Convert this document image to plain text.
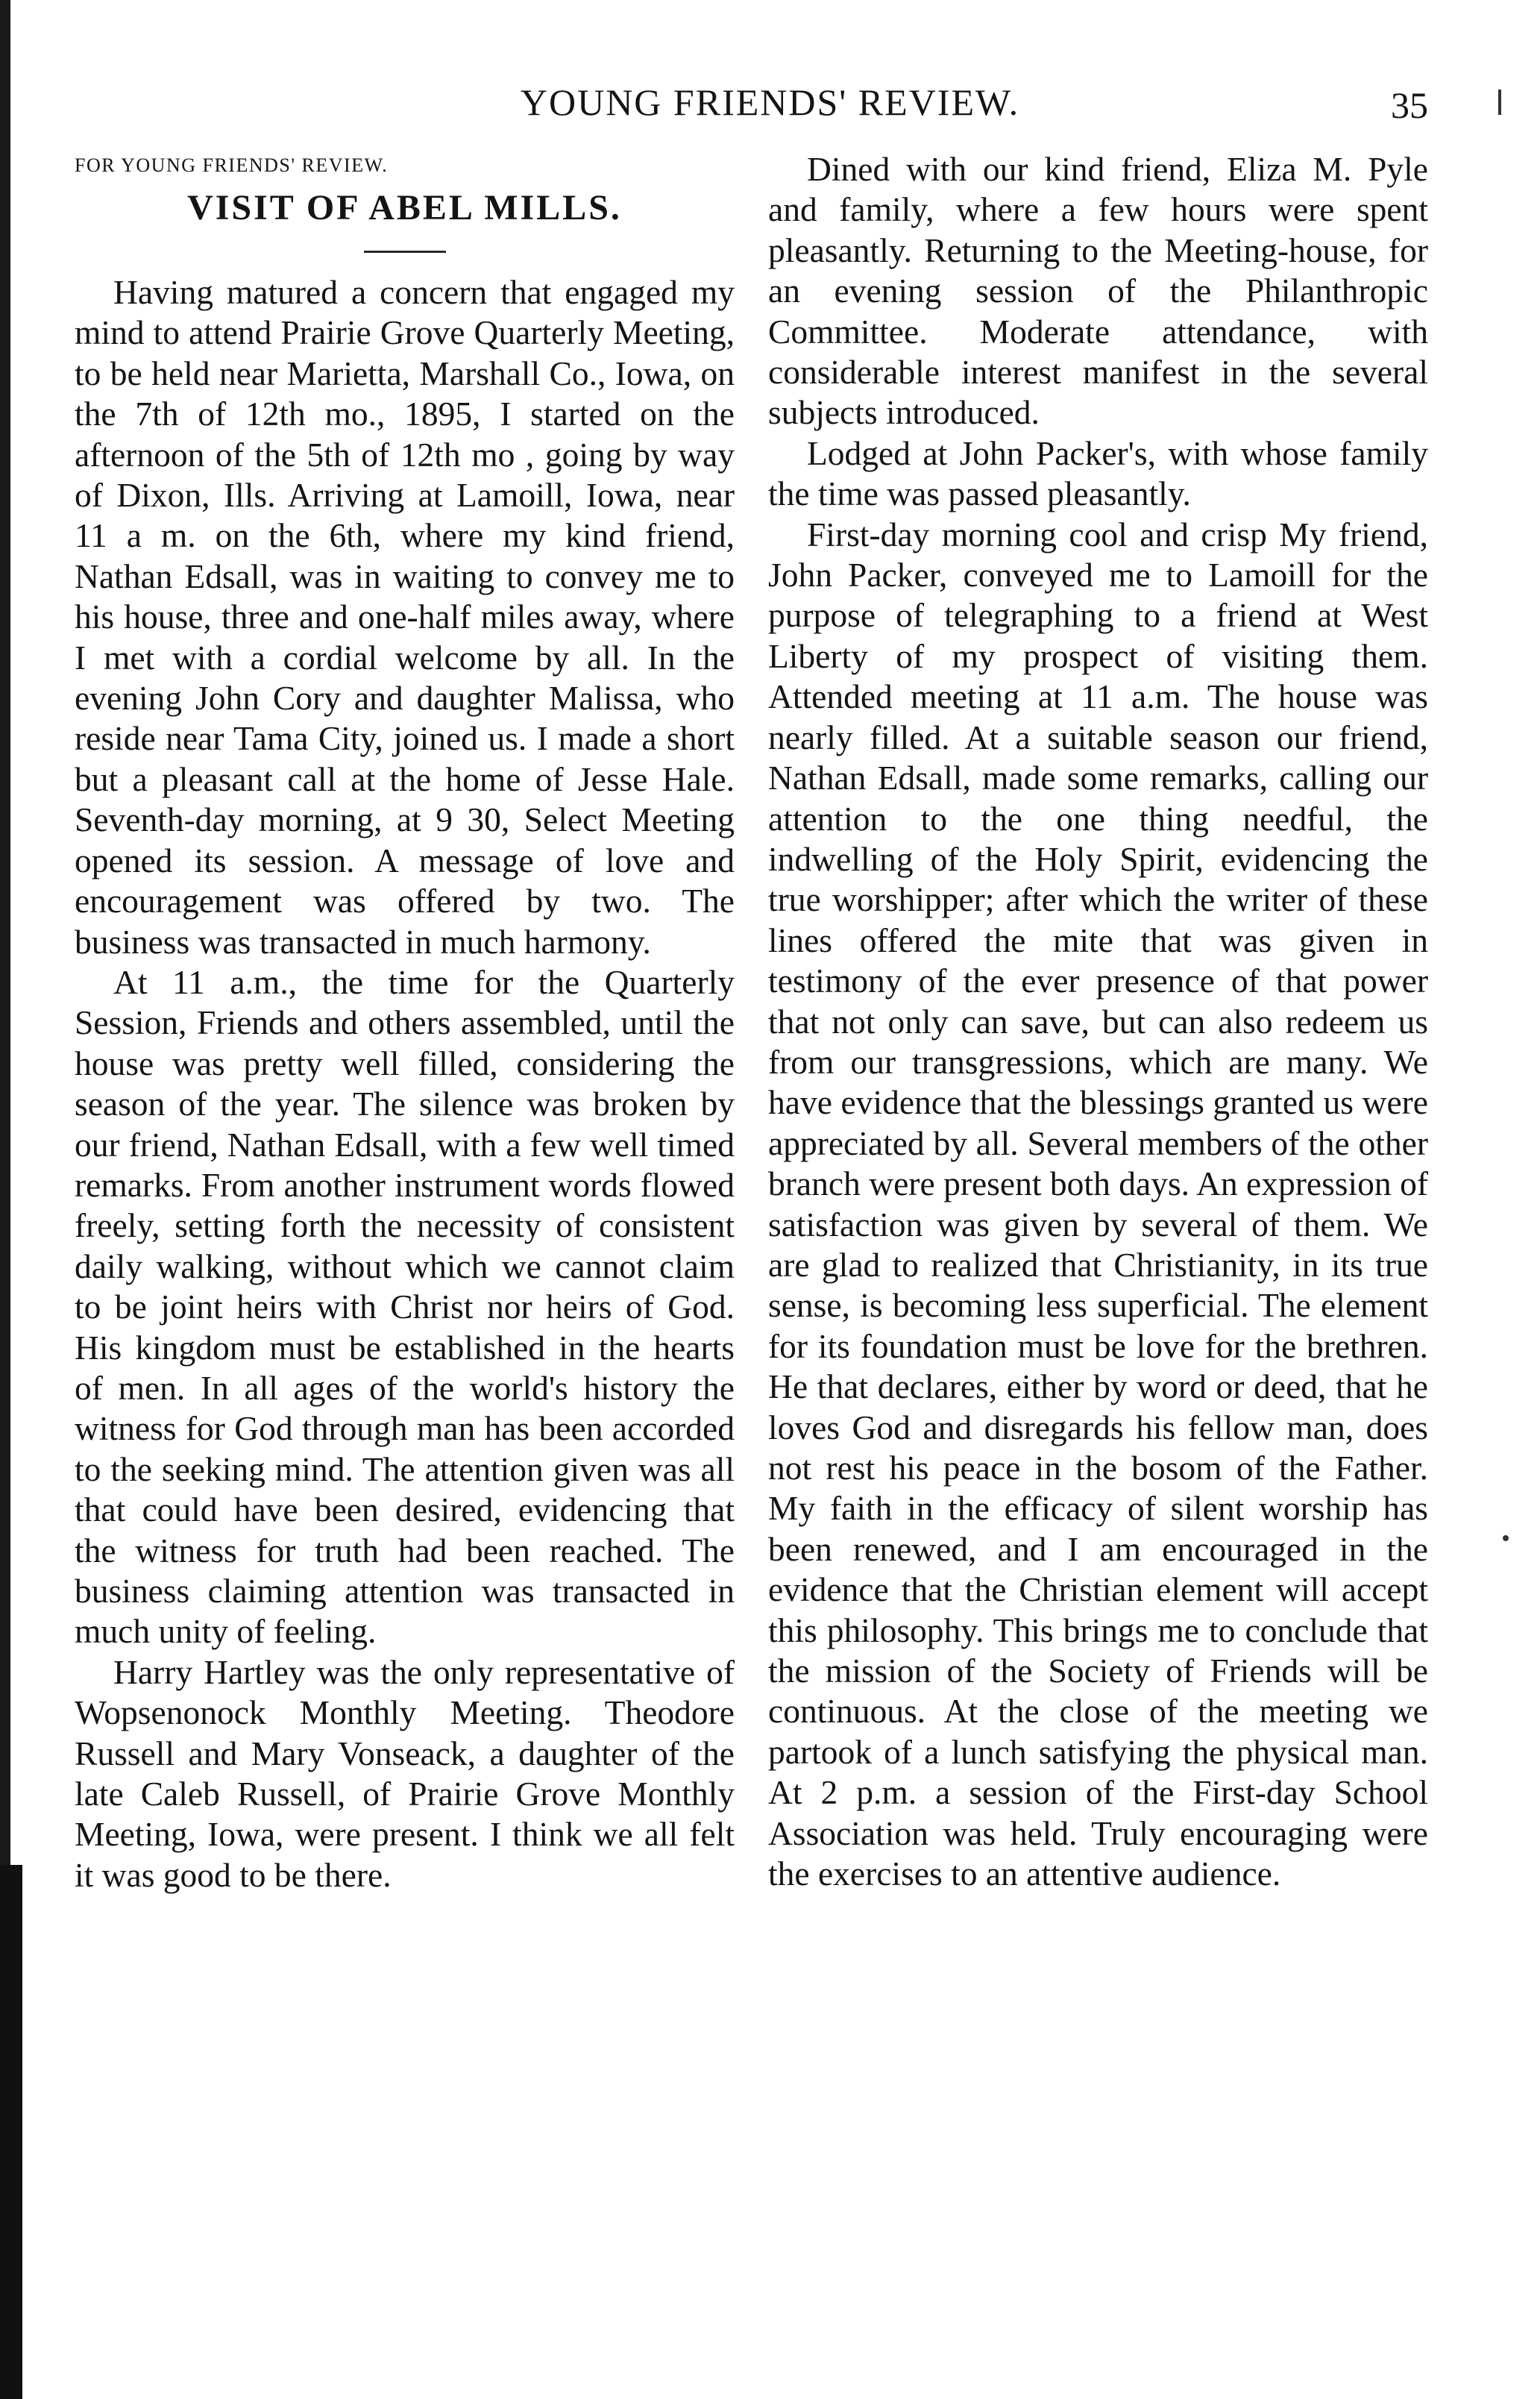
YOUNG FRIENDS' REVIEW.	35
FOR YOUNG FRIENDS' REVIEW.
VISIT OF ABEL MILLS.

Having matured a concern that engaged my mind to attend Prairie Grove Quarterly Meeting, to be held near Marietta, Marshall Co., Iowa, on the 7th of 12th mo., 1895, I started on the afternoon of the 5th of 12th mo , going by way of Dixon, Ills. Arriving at Lamoill, Iowa, near 11 a m. on the 6th, where my kind friend, Nathan Edsall, was in waiting to convey me to his house, three and one-half miles away, where I met with a cordial welcome by all. In the evening John Cory and daughter Malissa, who reside near Tama City, joined us. I made a short but a pleasant call at the home of Jesse Hale. Seventh-day morning, at 9 30, Select Meeting opened its session. A message of love and encouragement was offered by two. The business was transacted in much harmony.

At 11 a.m., the time for the Quarterly Session, Friends and others assembled, until the house was pretty well filled, considering the season of the year. The silence was broken by our friend, Nathan Edsall, with a few well timed remarks. From another instrument words flowed freely, setting forth the necessity of consistent daily walking, without which we cannot claim to be joint heirs with Christ nor heirs of God. His kingdom must be established in the hearts of men. In all ages of the world's history the witness for God through man has been accorded to the seeking mind. The attention given was all that could have been desired, evidencing that the witness for truth had been reached. The business claiming attention was transacted in much unity of feeling.

Harry Hartley was the only representative of Wopsenonock Monthly Meeting. Theodore Russell and Mary Vonseack, a daughter of the late Caleb Russell, of Prairie Grove Monthly Meeting, Iowa, were present. I think we all felt it was good to be there.

Dined with our kind friend, Eliza M. Pyle and family, where a few hours were spent pleasantly. Returning to the Meeting-house, for an evening session of the Philanthropic Committee. Moderate attendance, with considerable interest manifest in the several subjects introduced.

Lodged at John Packer's, with whose family the time was passed pleasantly.

First-day morning cool and crisp My friend, John Packer, conveyed me to Lamoill for the purpose of telegraphing to a friend at West Liberty of my prospect of visiting them. Attended meeting at 11 a.m. The house was nearly filled. At a suitable season our friend, Nathan Edsall, made some remarks, calling our attention to the one thing needful, the indwelling of the Holy Spirit, evidencing the true worshipper; after which the writer of these lines offered the mite that was given in testimony of the ever presence of that power that not only can save, but can also redeem us from our transgressions, which are many. We have evidence that the blessings granted us were appreciated by all. Several members of the other branch were present both days. An expression of satisfaction was given by several of them. We are glad to realized that Christianity, in its true sense, is becoming less superficial. The element for its foundation must be love for the brethren. He that declares, either by word or deed, that he loves God and disregards his fellow man, does not rest his peace in the bosom of the Father. My faith in the efficacy of silent worship has been renewed, and I am encouraged in the evidence that the Christian element will accept this philosophy. This brings me to conclude that the mission of the Society of Friends will be continuous. At the close of the meeting we partook of a lunch satisfying the physical man. At 2 p.m. a session of the First-day School Association was held. Truly encouraging were the exercises to an attentive audience.
